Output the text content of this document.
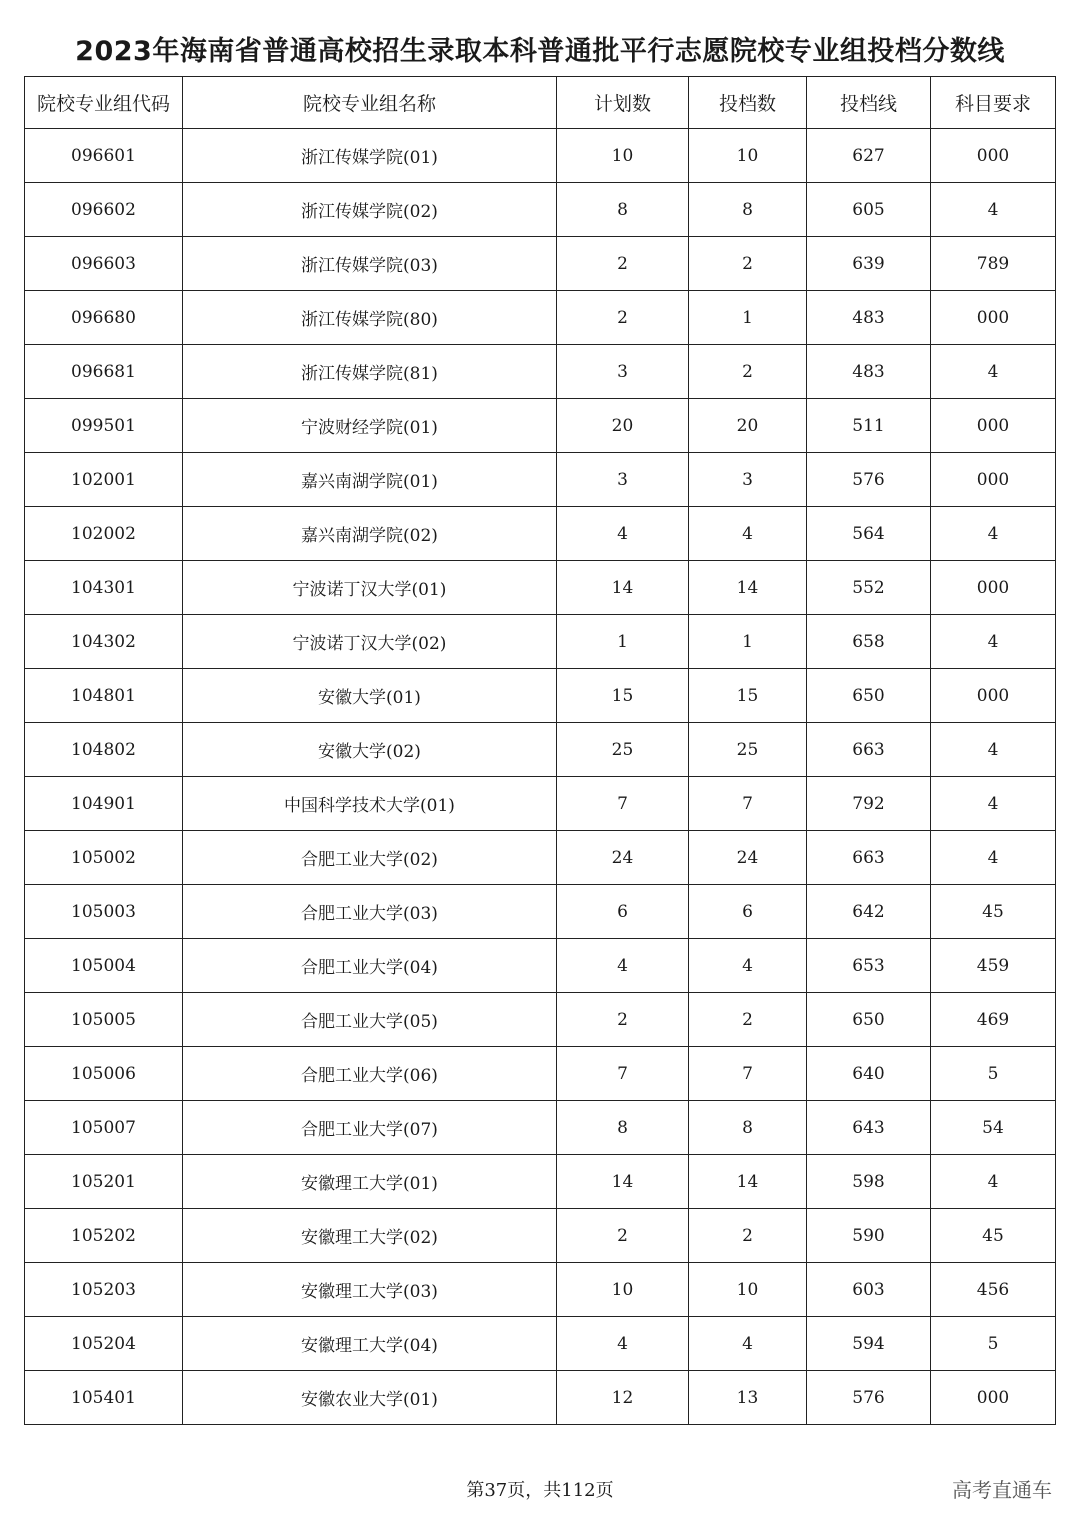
2023年海南省普通高校招生录取本科普通批平行志愿院校专业组投档分数线
院校专业组代码	院校专业组名称	计划数	投档数	投档线	科目要求
096601	浙江传媒学院(01)	10	10	627	000
096602	浙江传媒学院(02)	8	8	605	4
096603	浙江传媒学院(03)	2	2	639	789
096680	浙江传媒学院(80)	2	1	483	000
096681	浙江传媒学院(81)	3	2	483	4
099501	宁波财经学院(01)	20	20	511	000
102001	嘉兴南湖学院(01)	3	3	576	000
102002	嘉兴南湖学院(02)	4	4	564	4
104301	宁波诺丁汉大学(01)	14	14	552	000
104302	宁波诺丁汉大学(02)	1	1	658	4
104801	安徽大学(01)	15	15	650	000
104802	安徽大学(02)	25	25	663	4
104901	中国科学技术大学(01)	7	7	792	4
105002	合肥工业大学(02)	24	24	663	4
105003	合肥工业大学(03)	6	6	642	45
105004	合肥工业大学(04)	4	4	653	459
105005	合肥工业大学(05)	2	2	650	469
105006	合肥工业大学(06)	7	7	640	5
105007	合肥工业大学(07)	8	8	643	54
105201	安徽理工大学(01)	14	14	598	4
105202	安徽理工大学(02)	2	2	590	45
105203	安徽理工大学(03)	10	10	603	456
105204	安徽理工大学(04)	4	4	594	5
105401	安徽农业大学(01)	12	13	576	000
第37页，共112页	高考直通车
